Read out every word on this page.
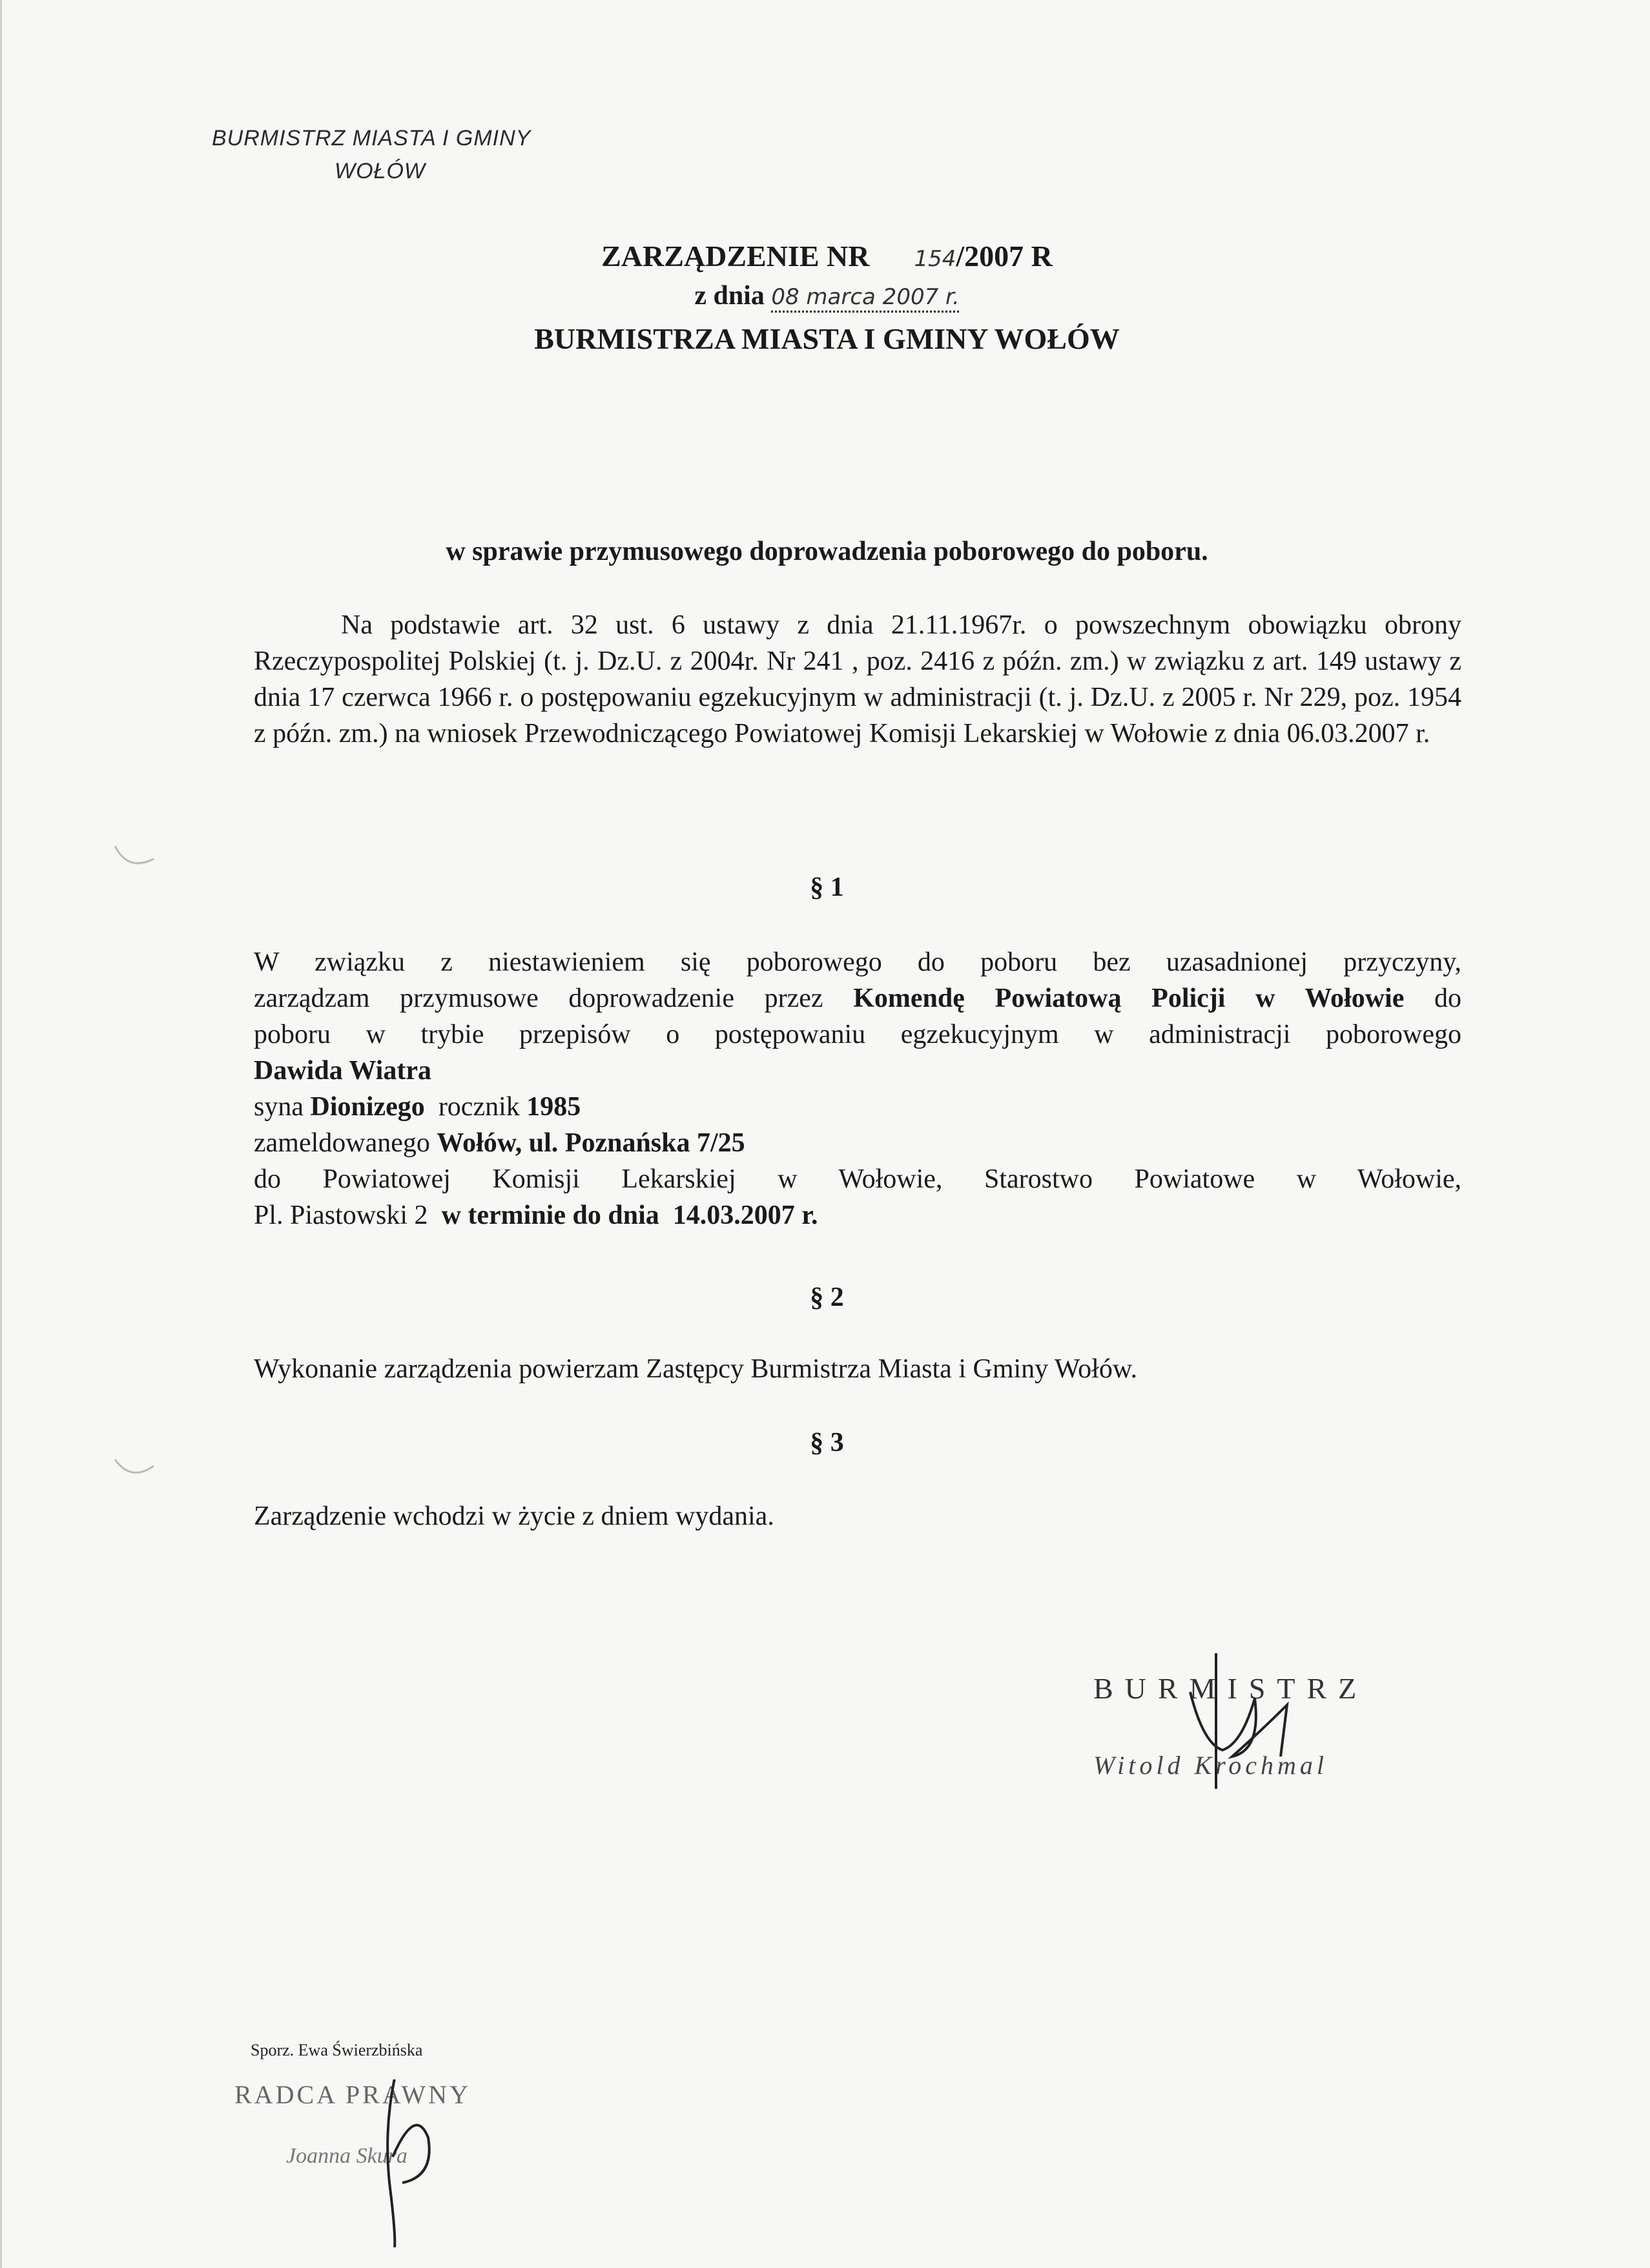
BURMISTRZ MIASTA I GMINY
WOŁÓW
ZARZĄDZENIE NR 154/2007 R
z dnia 08 marca 2007 r.
BURMISTRZA MIASTA I GMINY WOŁÓW
w sprawie przymusowego doprowadzenia poborowego do poboru.
Na podstawie art. 32 ust. 6 ustawy z dnia 21.11.1967r. o powszechnym obowiązku obrony Rzeczypospolitej Polskiej (t. j. Dz.U. z 2004r. Nr 241 , poz. 2416 z późn. zm.) w związku z art. 149 ustawy z dnia 17 czerwca 1966 r. o postępowaniu egzekucyjnym w administracji (t. j. Dz.U. z 2005 r. Nr 229, poz. 1954 z późn. zm.) na wniosek Przewodniczącego Powiatowej Komisji Lekarskiej w Wołowie z dnia 06.03.2007 r.
§ 1
W związku z niestawieniem się poborowego do poboru bez uzasadnionej przyczyny,
zarządzam przymusowe doprowadzenie przez Komendę Powiatową Policji w Wołowie do
poboru w trybie przepisów o postępowaniu egzekucyjnym w administracji poborowego
Dawida Wiatra
syna Dionizego  rocznik 1985
zameldowanego Wołów, ul. Poznańska 7/25
do Powiatowej Komisji Lekarskiej w Wołowie, Starostwo Powiatowe w Wołowie,
Pl. Piastowski 2  w terminie do dnia  14.03.2007 r.
§ 2
Wykonanie zarządzenia powierzam Zastępcy Burmistrza Miasta i Gminy Wołów.
§ 3
Zarządzenie wchodzi w życie z dniem wydania.
BURMISTRZ
Witold Krochmal
Sporz. Ewa Świerzbińska
RADCA PRAWNY
Joanna Skura
